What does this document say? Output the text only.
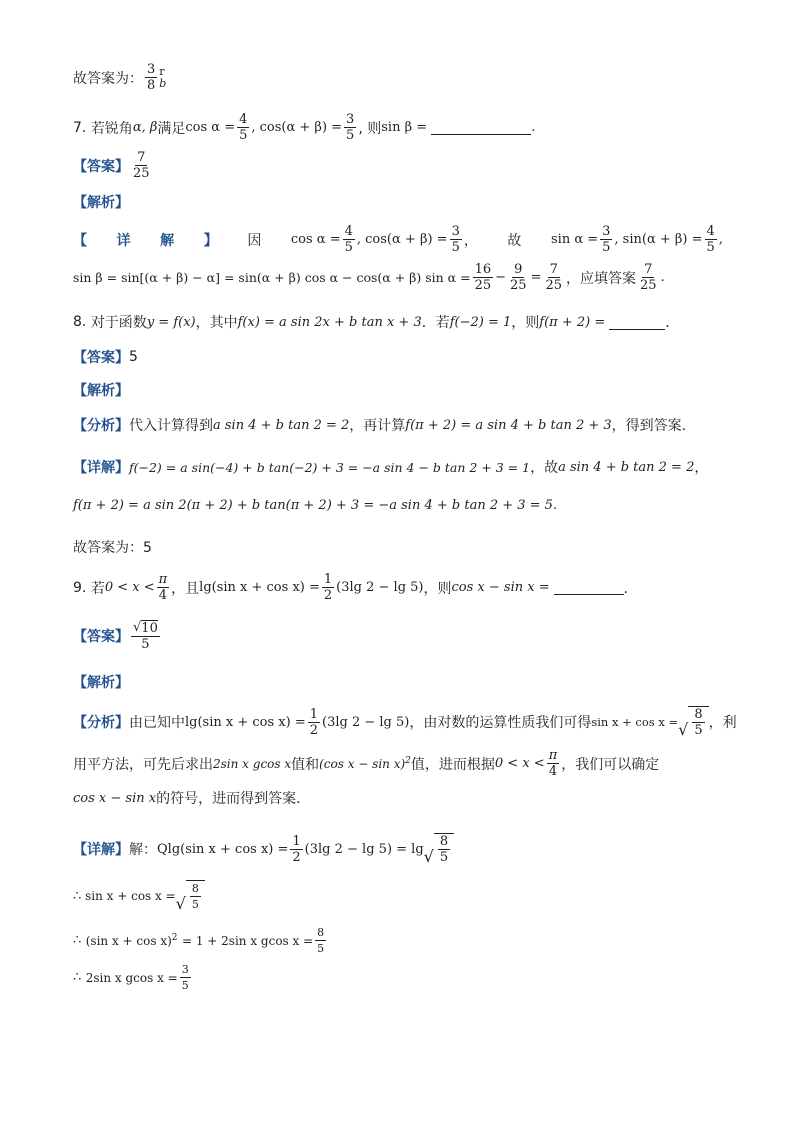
故答案为： $\frac{3}{8}$ r
b
7.
若锐角 α, β 满足 $\cos \alpha = \frac{4}{5}$ , $\cos(\alpha + \beta) = \frac{3}{5}$ , 则 sin β =	.
【答案】 $\frac{7}{25}$
【解析】
【 详 解 】 因 $\cos \alpha = \frac{4}{5}$ , $\cos(\alpha + \beta) = \frac{3}{5}$ ， 故 $\sin \alpha = \frac{3}{5}$ , $\sin(\alpha + \beta) = \frac{4}{5}$ ,
sin β = sin[(α + β) − α] = sin(α + β) cos α − cos(α + β) $\sin \alpha = \frac{16}{25} - \frac{9}{25} = \frac{7}{25}$ ，应填答案 $\frac{7}{25}$ .
8.
对于函数 y = f(x) ，其中 f(x) = a sin 2x + b tan x + 3 ．若 f(−2) = 1 ，则 f(π + 2) =	．
【答案】 5
【解析】
【分析】 代入计算得到 a sin 4 + b tan 2 = 2 ，再计算 f(π + 2) = a sin 4 + b tan 2 + 3 ，得到答案.
【详解】 f(−2) = a sin(−4) + b tan(−2) + 3 = −a sin 4 − b tan 2 + 3 = 1 ，故 a sin 4 + b tan 2 = 2 ，
f(π + 2) = a sin 2(π + 2) + b tan(π + 2) + 3 = −a sin 4 + b tan 2 + 3 = 5 .
故答案为：5
9.
若 $0 < x < \frac{\pi}{4}$ ，且 lg(sin $x + \cos x) = \frac{1}{2} (3\lg$ 2 − lg 5) ，则 cos x − sin x =	．
【答案】 $\frac{√ 10}{5}$
【解析】
【分析】 由已知中 lg(sin $x + \cos x) = \frac{1}{2} (3\lg$ 2 − lg 5) ，由对数的运算性质我们可得 sin x + cos x = √ $\frac{8}{5}$ ，利
用平方法，可先后求出 2sin x gcos x 值和 (cos x − sin x)$^2$ 值，进而根据 $0 < x < \frac{\pi}{4}$ ，我们可以确定
cos x − sin x 的符号，进而得到答案．
【详解】 解： Q lg(sin $x + \cos x) = \frac{1}{2} (3\lg$ 2 − lg 5) = lg √ $\frac{8}{5}$
∴
sin x + cos x = √ $\frac{8}{5}$
∴
(sin x + cos x)$^2$
= 1 + 2sin x gcos $x = \frac{8}{5}$
∴
2sin x gcos $x = \frac{3}{5}$
